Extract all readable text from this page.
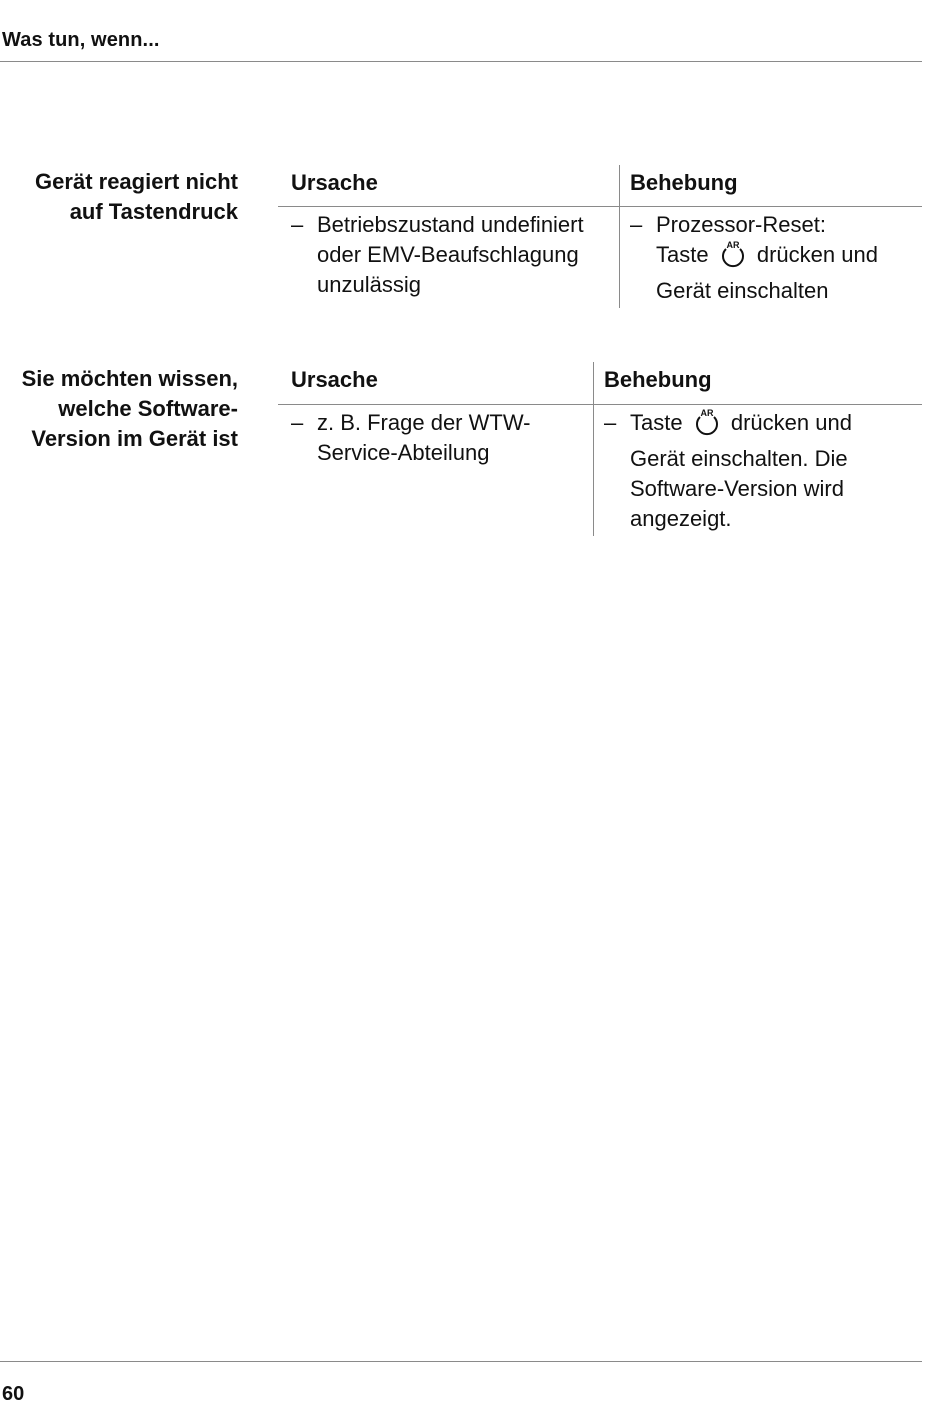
Was tun, wenn...
Gerät reagiert nicht
auf Tastendruck
Ursache	Behebung
– Betriebszustand undefiniert
oder EMV-Beaufschlagung
unzulässig
– Prozessor-Reset:
Taste AR drücken und
Gerät einschalten
Sie möchten wissen,
welche Software-
Version im Gerät ist
Ursache	Behebung
– z. B. Frage der WTW-
Service-Abteilung
– Taste AR drücken und
Gerät einschalten. Die
Software-Version wird
angezeigt.
60
